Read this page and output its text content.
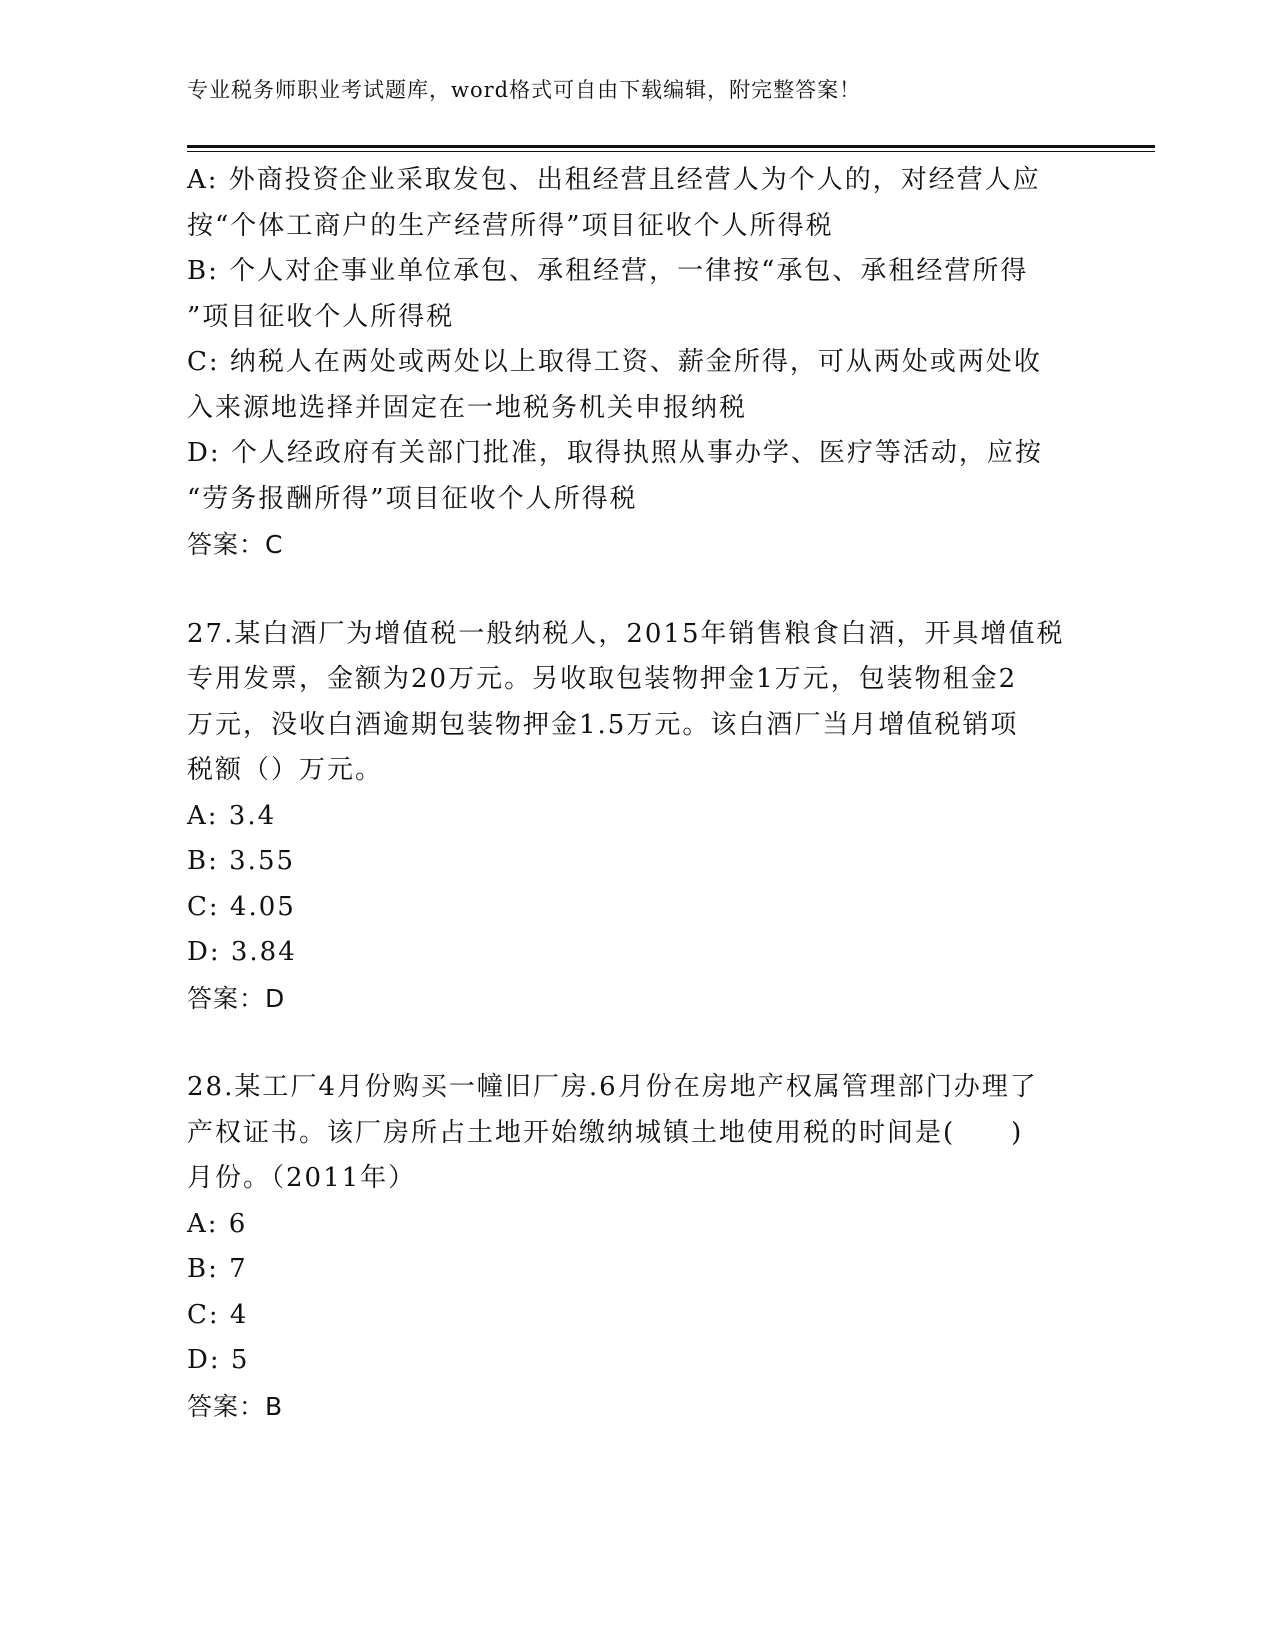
专业税务师职业考试题库，word格式可自由下载编辑，附完整答案！

A: 外商投资企业采取发包、出租经营且经营人为个人的，对经营人应

按“个体工商户的生产经营所得”项目征收个人所得税

B: 个人对企事业单位承包、承租经营，一律按“承包、承租经营所得

”项目征收个人所得税

C: 纳税人在两处或两处以上取得工资、薪金所得，可从两处或两处收

入来源地选择并固定在一地税务机关申报纳税

D: 个人经政府有关部门批准，取得执照从事办学、医疗等活动，应按

“劳务报酬所得”项目征收个人所得税

答案：C

27.某白酒厂为增值税一般纳税人，2015年销售粮食白酒，开具增值税

专用发票，金额为20万元。另收取包装物押金1万元，包装物租金2

万元，没收白酒逾期包装物押金1.5万元。该白酒厂当月增值税销项

税额（）万元。

A: 3.4

B: 3.55

C: 4.05

D: 3.84

答案：D

28.某工厂4月份购买一幢旧厂房.6月份在房地产权属管理部门办理了

产权证书。该厂房所占土地开始缴纳城镇土地使用税的时间是(　　)

月份。（2011年）

A: 6

B: 7

C: 4

D: 5

答案：B
